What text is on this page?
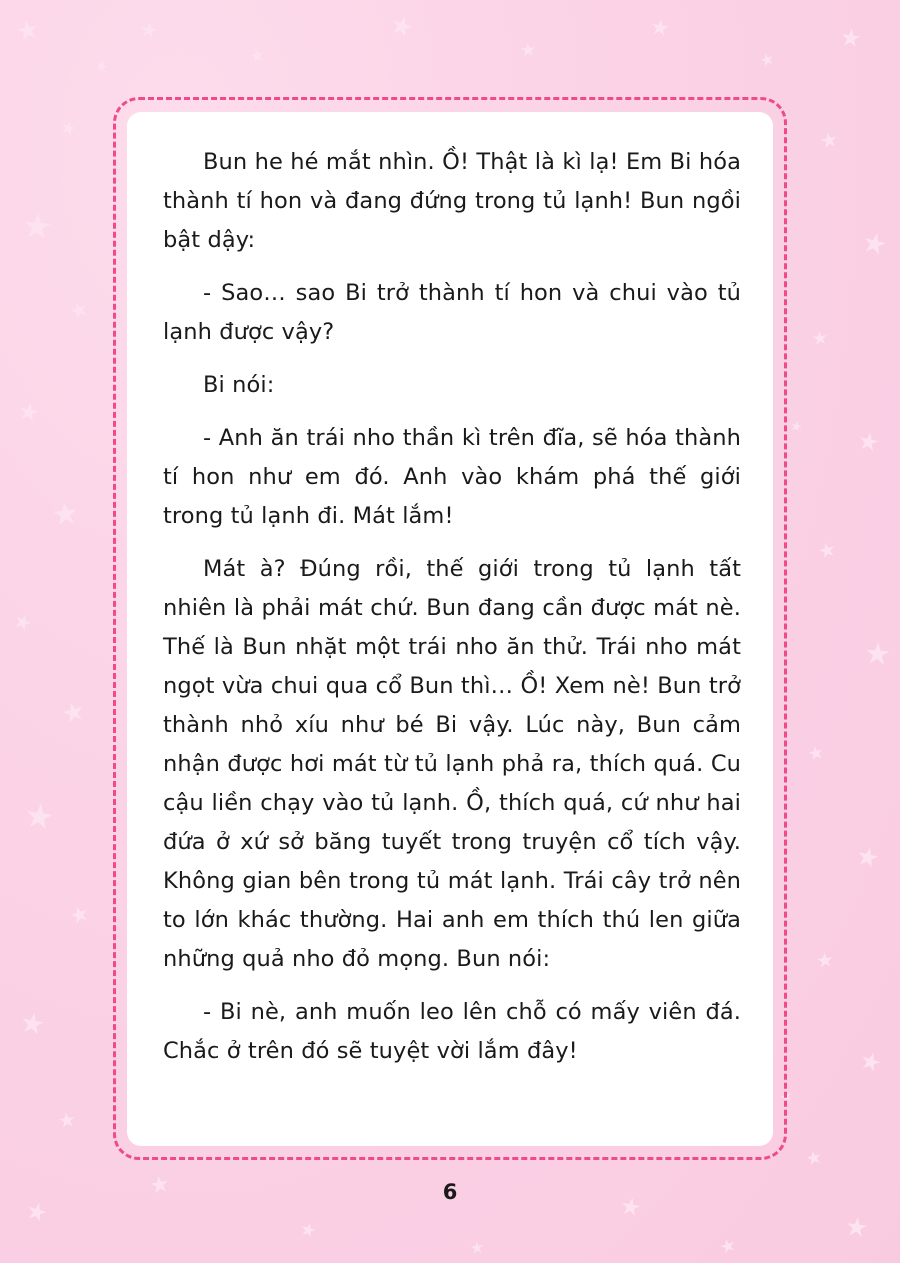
★
★
★
★
★
★
★
★
★
★
★
★
★
★
★
★
★
★
★
★
★
★
★
★
★
★
★
★
★
★
★
★
★
★
★
★
★
★
★
★

Bun he hé mắt nhìn. Ồ! Thật là kì lạ! Em Bi hóa thành tí hon và đang đứng trong tủ lạnh! Bun ngồi bật dậy:

- Sao… sao Bi trở thành tí hon và chui vào tủ lạnh được vậy?

Bi nói:

- Anh ăn trái nho thần kì trên đĩa, sẽ hóa thành tí hon như em đó. Anh vào khám phá thế giới trong tủ lạnh đi. Mát lắm!

Mát à? Đúng rồi, thế giới trong tủ lạnh tất nhiên là phải mát chứ. Bun đang cần được mát nè. Thế là Bun nhặt một trái nho ăn thử. Trái nho mát ngọt vừa chui qua cổ Bun thì… Ồ! Xem nè! Bun trở thành nhỏ xíu như bé Bi vậy. Lúc này, Bun cảm nhận được hơi mát từ tủ lạnh phả ra, thích quá. Cu cậu liền chạy vào tủ lạnh. Ồ, thích quá, cứ như hai đứa ở xứ sở băng tuyết trong truyện cổ tích vậy. Không gian bên trong tủ mát lạnh. Trái cây trở nên to lớn khác thường. Hai anh em thích thú len giữa những quả nho đỏ mọng. Bun nói:

- Bi nè, anh muốn leo lên chỗ có mấy viên đá. Chắc ở trên đó sẽ tuyệt vời lắm đây!

6
